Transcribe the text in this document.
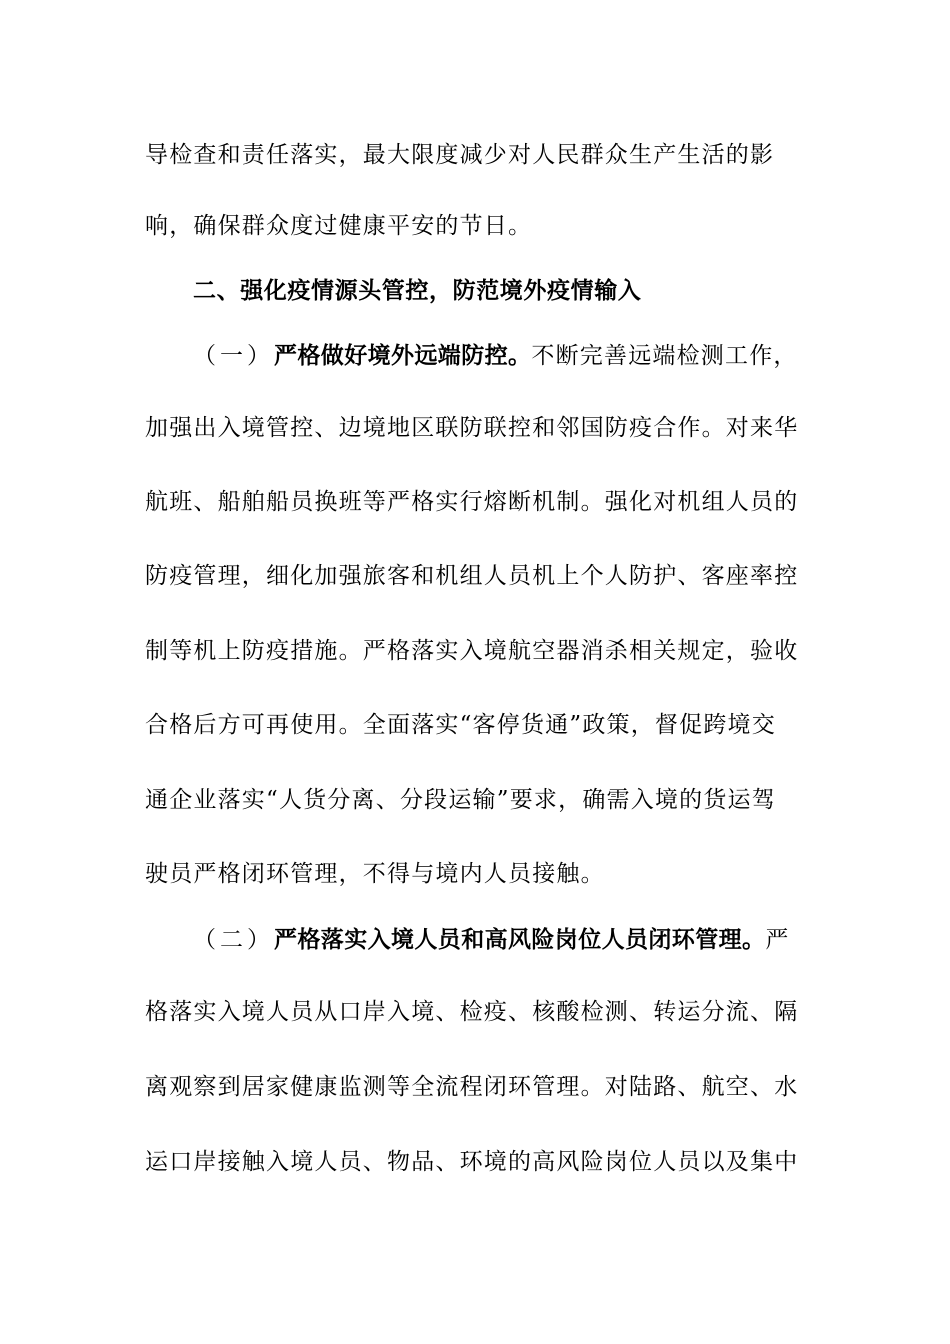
导检查和责任落实，最大限度减少对人民群众生产生活的影
响，确保群众度过健康平安的节日。
二、强化疫情源头管控，防范境外疫情输入
（一）严格做好境外远端防控。不断完善远端检测工作，
加强出入境管控、边境地区联防联控和邻国防疫合作。对来华
航班、船舶船员换班等严格实行熔断机制。强化对机组人员的
防疫管理，细化加强旅客和机组人员机上个人防护、客座率控
制等机上防疫措施。严格落实入境航空器消杀相关规定，验收
合格后方可再使用。全面落实“客停货通”政策，督促跨境交
通企业落实“人货分离、分段运输”要求，确需入境的货运驾
驶员严格闭环管理，不得与境内人员接触。
（二）严格落实入境人员和高风险岗位人员闭环管理。严
格落实入境人员从口岸入境、检疫、核酸检测、转运分流、隔
离观察到居家健康监测等全流程闭环管理。对陆路、航空、水
运口岸接触入境人员、物品、环境的高风险岗位人员以及集中
